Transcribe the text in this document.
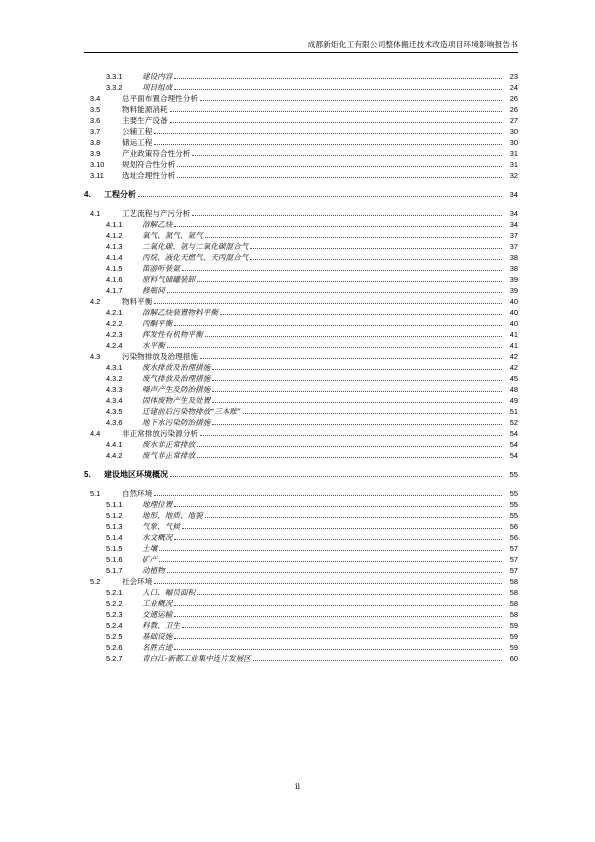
成都新炬化工有限公司整体搬迁技术改造项目环境影响报告书
3.3.1	建设内容	23
3.3.2	项目组成	24
3.4	总平面布置合理性分析	26
3.5	物料能源消耗	26
3.6	主要生产设备	27
3.7	公辅工程	30
3.8	储运工程	30
3.9	产业政策符合性分析	31
3.10 规划符合性分析	31
3.11 选址合理性分析	32
4. 工程分析	34
4.1	工艺流程与产污分析	34
4.1.1	溶解乙炔	34
4.1.2	氧气、氮气、氩气	37
4.1.3	二氧化碳、氩与二氧化碳混合气	37
4.1.4	丙烷、液化天燃气、天丙混合气	38
4.1.5	笛游听装氨	38
4.1.6	原料气储罐装卸	39
4.1.7	修瓶间	39
4.2	物料平衡	40
4.2.1	溶解乙炔装置物料平衡	40
4.2.2	丙酮平衡	40
4.2.3	挥发性有机物平衡	41
4.2.4	水平衡	41
4.3	污染物排放及治理措施	42
4.3.1	废水排放及治理措施	42
4.3.2	废气排放及治理措施	45
4.3.3	噪声产生及防治措施	48
4.3.4	固体废物产生及处置	49
4.3.5	迁建前后污染物排放“三本账”	51
4.3.6	地下水污染防治措施	52
4.4	非正常排放污染源分析	54
4.4.1	废水非正常排放	54
4.4.2	废气非正常排放	54
5. 建设地区环境概况	55
5.1	自然环境	55
5.1.1	地理位置	55
5.1.2	地形、地质、地貌	55
5.1.3	气象、气候	56
5.1.4	水文概况	56
5.1.5	土壤	57
5.1.6	矿产	57
5.1.7	动植物	57
5.2	社会环境	58
5.2.1	人口、幅员面积	58
5.2.2	工业概况	58
5.2.3	交通运输	58
5.2.4	科教、卫生	59
5.2.5	基础设施	59
5.2.6	名胜古迹	59
5.2.7	青白江-新都工业集中连片发展区	60
ii
